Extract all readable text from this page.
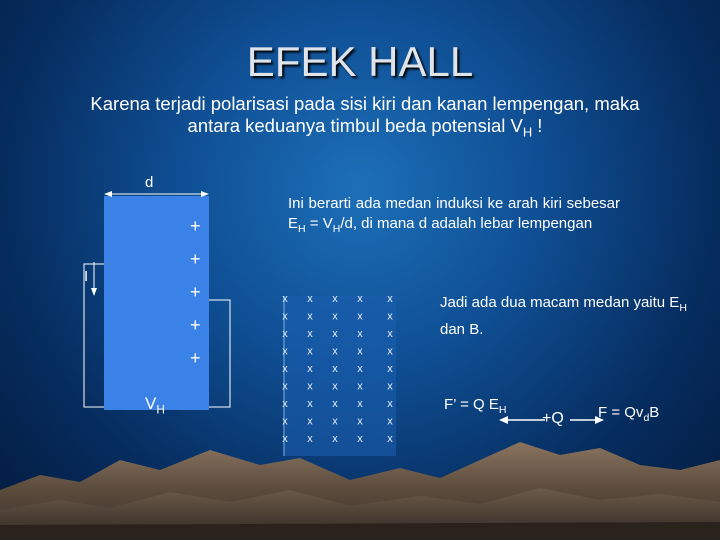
EFEK HALL
Karena terjadi polarisasi pada sisi kiri dan kanan lempengan, maka
antara keduanya timbul beda potensial $V_H$ !
x x x x x
x x x x x
x x x x x
x x x x x
x x x x x
x x x x x
x x x x x
x x x x x
x x x x x
d
I
+
+
+
+
+
$V_H$
Ini berarti ada medan induksi ke arah kiri sebesar $E_H = V_H/d$, di mana d adalah lebar lempengan
Jadi ada dua macam medan yaitu $E_H$ dan B.
F’ = Q $E_H +Q$ $F = Qv_dB$
